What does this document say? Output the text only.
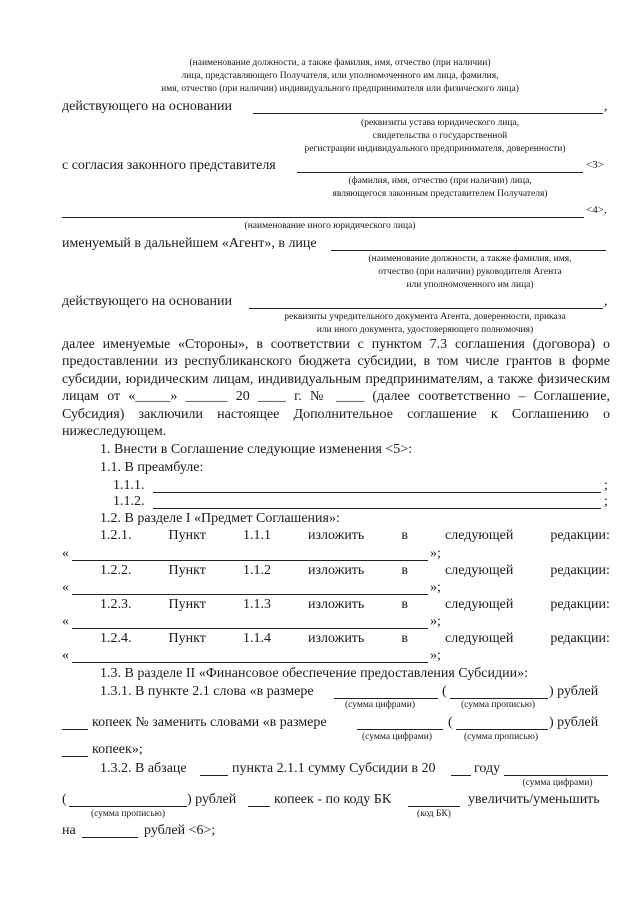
(наименование должности, а также фамилия, имя, отчество (при наличии)
лица, представляющего Получателя, или уполномоченного им лица, фамилия,
имя, отчество (при наличии) индивидуального предпринимателя или физического лица)
действующего на основании	,
(реквизиты устава юридического лица,
свидетельства о государственной
регистрации индивидуального предпринимателя, доверенности)
с согласия законного представителя	<3>
(фамилия, имя, отчество (при наличии) лица,
являющегося законным представителем Получателя)
<4>,
(наименование иного юридического лица)
именуемый в дальнейшем «Агент», в лице
(наименование должности, а также фамилия, имя,
отчество (при наличии) руководителя Агента
или уполномоченного им лица)
действующего на основании	,
реквизиты учредительного документа Агента, доверенности, приказа
или иного документа, удостоверяющего полномочия)
далее именуемые «Стороны», в соответствии с пунктом 7.3 соглашения (договора) о предоставлении из республиканского бюджета субсидии, в том числе грантов в форме субсидии, юридическим лицам, индивидуальным предпринимателям, а также физическим лицам от «_____» ______ 20 ____ г. № ____ (далее соответственно – Соглашение, Субсидия) заключили настоящее Дополнительное соглашение к Соглашению о нижеследующем.
1. Внести в Соглашение следующие изменения <5>:
1.1. В преамбуле:
1.1.1.	;
1.1.2.	;
1.2. В разделе I «Предмет Соглашения»:
1.2.1.	Пункт	1.1.1	изложить	в	следующей	редакции:
«	»;
1.2.2.	Пункт	1.1.2	изложить	в	следующей	редакции:
«	»;
1.2.3.	Пункт	1.1.3	изложить	в	следующей	редакции:
«	»;
1.2.4.	Пункт	1.1.4	изложить	в	следующей	редакции:
«	»;
1.3. В разделе II «Финансовое обеспечение предоставления Субсидии»:
1.3.1. В пункте 2.1 слова «в размере	(	) рублей
(сумма цифрами)	(сумма прописью)
копеек № заменить словами «в размере	(	) рублей
(сумма цифрами)	(сумма прописью)
копеек»;
1.3.2. В абзаце	пункта 2.1.1 сумму Субсидии в 20	году
(сумма цифрами)
(	) рублей	копеек - по коду БК	увеличить/уменьшить
(сумма прописью)	(код БК)
на	рублей <6>;
